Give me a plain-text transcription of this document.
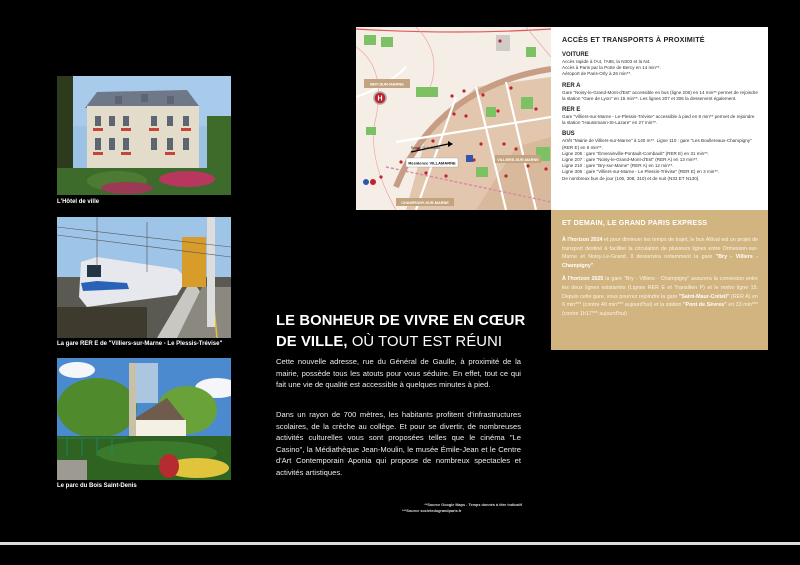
L'Hôtel de ville
La gare RER E de "Villiers-sur-Marne - Le Plessis-Trévise"
Le parc du Bois Saint-Denis
BRY-SUR-MARNE
H
VILLIERS-SUR-MARNE
CHAMPIGNY-SUR-MARNE
Résidence VILLAMARNE
Rue du Gl de Gaulle
ACCÈS ET TRANSPORTS À PROXIMITÉ
VOITURE

Accès rapide à l'A4, l'A86, la N303 et la N4.

Accès à Paris par la Porte de Bercy en 14 min**.

Aéroport de Paris-Orly à 26 min**.

RER A

Gare "Noisy-le-Grand-Mont-d'Est" accessible en bus (ligne 206) en 14 min** permet de rejoindre la station "Gare de Lyon" en 16 min**. Les lignes 207 et 306 la desservent également.

RER E

Gare "Villiers-sur-Marne - Le-Plessis-Trévise" accessible à pied en 8 min** permet de rejoindre la station "Haussmann-St-Lazare" en 27 min**.

BUS

Arrêt "Mairie de Villiers-sur-Marne" à 140 m**. Ligne 110 : gare "Les Boullereaux-Champigny" (RER E) en 6 min**.

Ligne 206 : gare "Émerainville-Pontault-Combault" (RER E) en 31 min**.

Ligne 207 : gare "Noisy-le-Grand-Mont-d'Est" (RER A) en 13 min**.

Ligne 210 : gare "Bry-sur-Marne" (RER A) en 12 min**.

Ligne 306 : gare "Villiers-sur-Marne - Le Plessis-Trévise" (RER E) en 3 min**.

De nombreux bus de jour (106, 308, 310) et de nuit (N33 ET N130).

ET DEMAIN, LE GRAND PARIS EXPRESS

À l'horizon 2024 et pour diminuer les temps de trajet, le bus Altival est un projet de transport destiné à faciliter la circulation de plusieurs lignes entre Ormesson-sur-Marne et Noisy-Le-Grand. Il desservira notamment la gare "Bry - Villiers - Champigny"

À l'horizon 2025 la gare "Bry - Villiers - Champigny" assurera la connexion entre les deux lignes existantes (Lignes RER E et Transilien P) et le metro ligne 15. Depuis cette gare, vous pourrez rejoindre la gare "Saint-Maur-Créteil" (RER A) en 6 min*** (contre 40 min*** aujourd'hui) et la station "Pont de Sèvres" en 33 min*** (contre 1h17*** aujourd'hui)

LE BONHEUR DE VIVRE EN CŒUR DE VILLE, OÙ TOUT EST RÉUNI

Cette nouvelle adresse, rue du Général de Gaulle, à proximité de la mairie, possède tous les atouts pour vous séduire. En effet, tout ce qui fait une vie de qualité est accessible à quelques minutes à pied.

Dans un rayon de 700 mètres, les habitants profitent d'infrastructures scolaires, de la crèche au collège. Et pour se divertir, de nombreuses activités culturelles vous sont proposées telles que le cinéma "Le Casino", la Médiathèque Jean-Moulin, le musée Émile-Jean et le Centre d'Art Contemporain Aponia qui propose de nombreux spectacles et activités artistiques.

**Source Google Maps - Temps donnés à titre indicatif
***Source societedugrandparis.fr
